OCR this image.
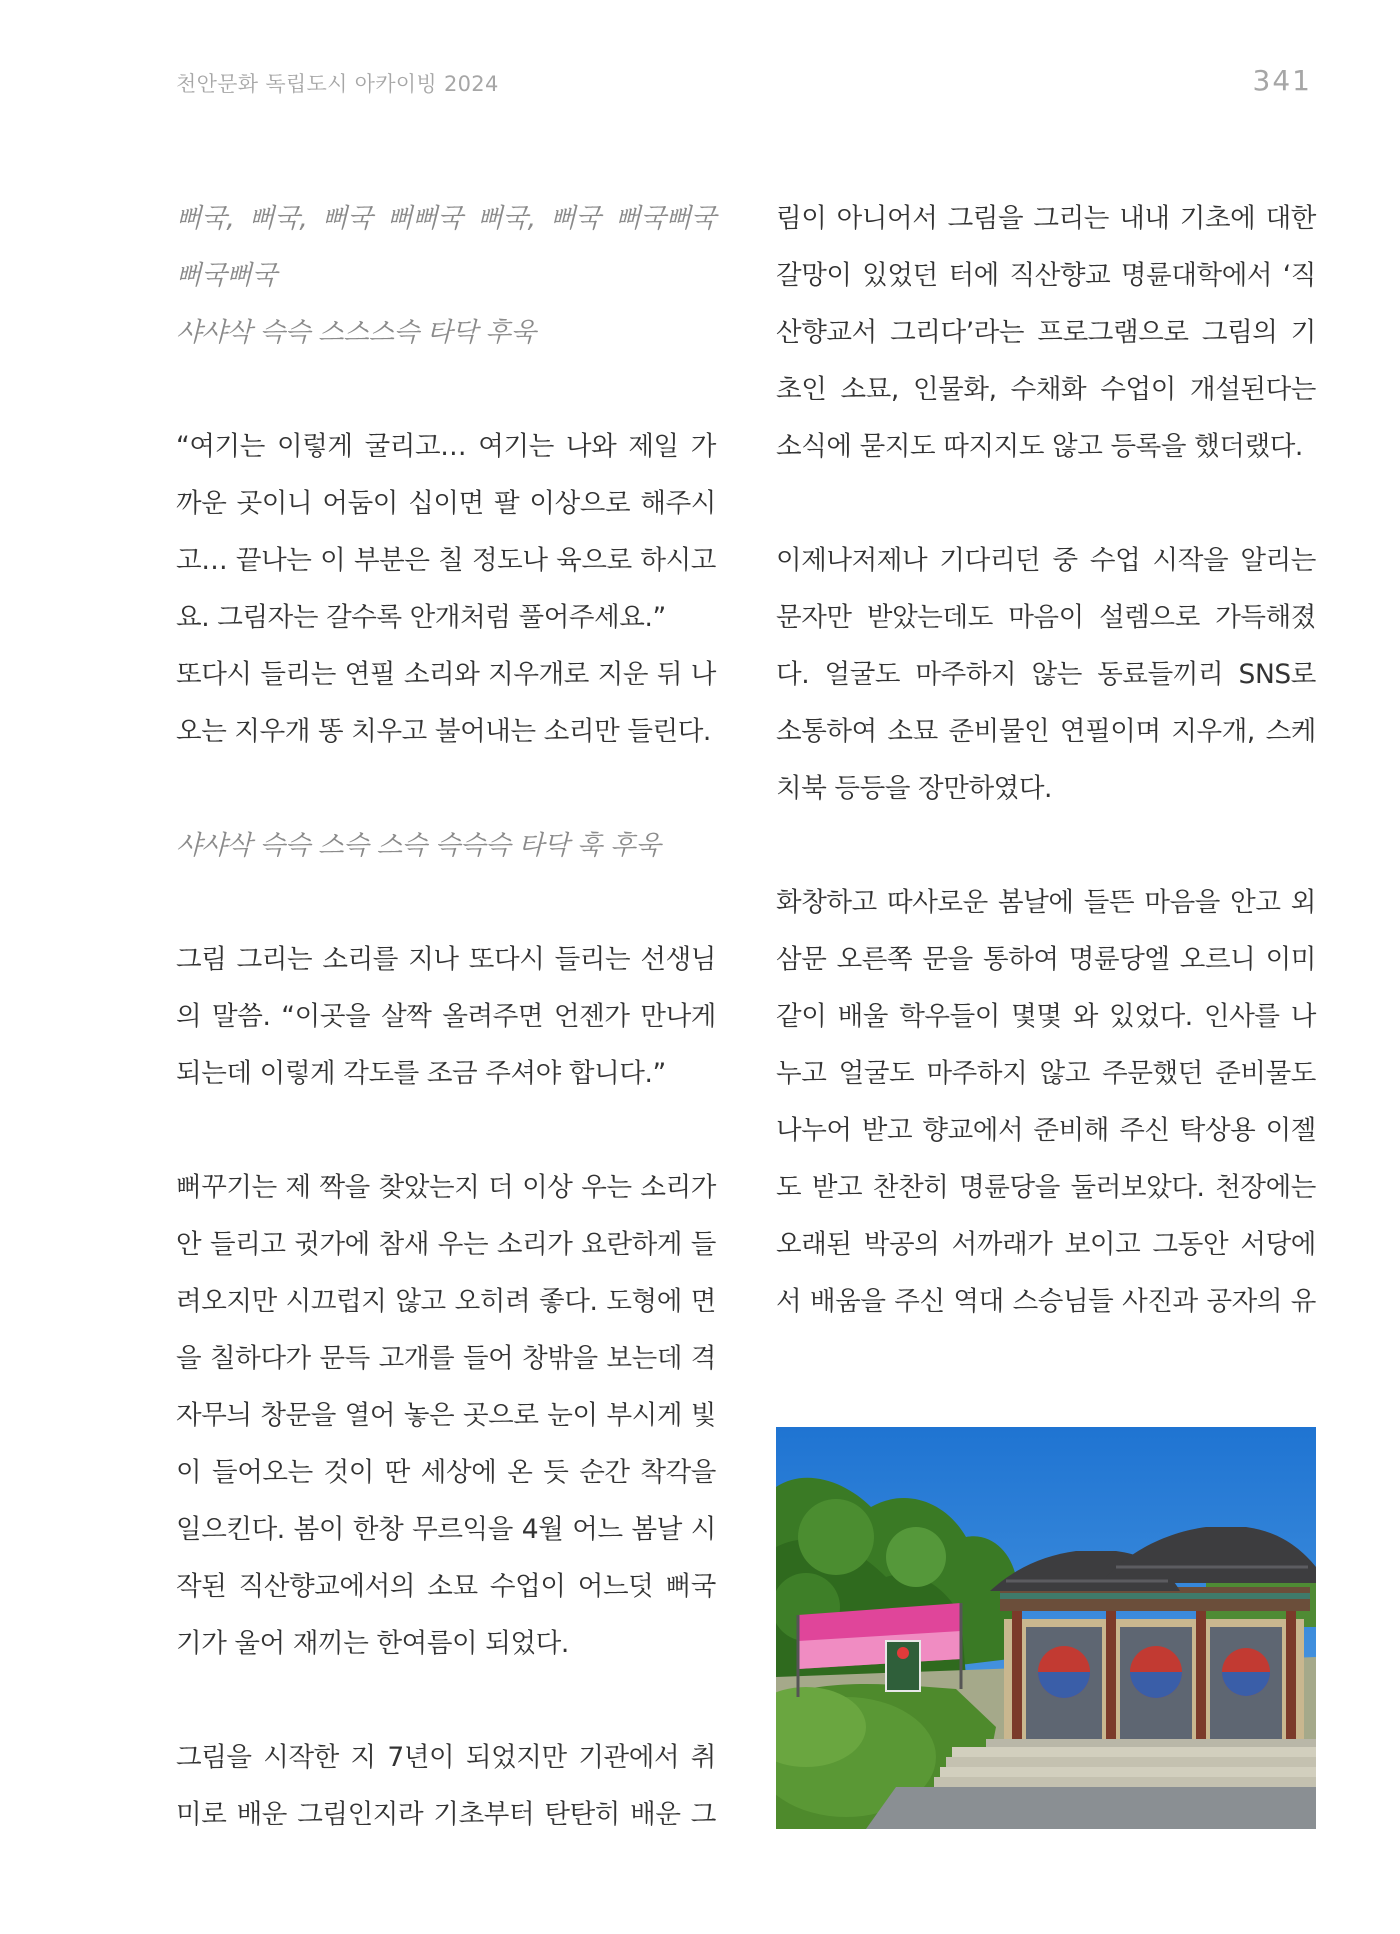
천안문화 독립도시 아카이빙 2024	341
뻐국, 뻐국, 뻐국 뻐뻐국 뻐국, 뻐국 뻐국뻐국
뻐국뻐국
샤샤삭 슥슥 스스스슥 타닥 후욱
“여기는 이렇게 굴리고… 여기는 나와 제일 가
까운 곳이니 어둠이 십이면 팔 이상으로 해주시
고… 끝나는 이 부분은 칠 정도나 육으로 하시고
요. 그림자는 갈수록 안개처럼 풀어주세요.”
또다시 들리는 연필 소리와 지우개로 지운 뒤 나
오는 지우개 똥 치우고 불어내는 소리만 들린다.
샤샤삭 슥슥 스슥 스슥 슥슥슥 타닥 훅 후욱
그림 그리는 소리를 지나 또다시 들리는 선생님
의 말씀. “이곳을 살짝 올려주면 언젠가 만나게
되는데 이렇게 각도를 조금 주셔야 합니다.”
뻐꾸기는 제 짝을 찾았는지 더 이상 우는 소리가
안 들리고 귓가에 참새 우는 소리가 요란하게 들
려오지만 시끄럽지 않고 오히려 좋다. 도형에 면
을 칠하다가 문득 고개를 들어 창밖을 보는데 격
자무늬 창문을 열어 놓은 곳으로 눈이 부시게 빛
이 들어오는 것이 딴 세상에 온 듯 순간 착각을
일으킨다. 봄이 한창 무르익을 4월 어느 봄날 시
작된 직산향교에서의 소묘 수업이 어느덧 뻐국
기가 울어 재끼는 한여름이 되었다.
그림을 시작한 지 7년이 되었지만 기관에서 취
미로 배운 그림인지라 기초부터 탄탄히 배운 그
림이 아니어서 그림을 그리는 내내 기초에 대한
갈망이 있었던 터에 직산향교 명륜대학에서 ‘직
산향교서 그리다’라는 프로그램으로 그림의 기
초인 소묘, 인물화, 수채화 수업이 개설된다는
소식에 묻지도 따지지도 않고 등록을 했더랬다.
이제나저제나 기다리던 중 수업 시작을 알리는
문자만 받았는데도 마음이 설렘으로 가득해졌
다. 얼굴도 마주하지 않는 동료들끼리 SNS로
소통하여 소묘 준비물인 연필이며 지우개, 스케
치북 등등을 장만하였다.
화창하고 따사로운 봄날에 들뜬 마음을 안고 외
삼문 오른쪽 문을 통하여 명륜당엘 오르니 이미
같이 배울 학우들이 몇몇 와 있었다. 인사를 나
누고 얼굴도 마주하지 않고 주문했던 준비물도
나누어 받고 향교에서 준비해 주신 탁상용 이젤
도 받고 찬찬히 명륜당을 둘러보았다. 천장에는
오래된 박공의 서까래가 보이고 그동안 서당에
서 배움을 주신 역대 스승님들 사진과 공자의 유
